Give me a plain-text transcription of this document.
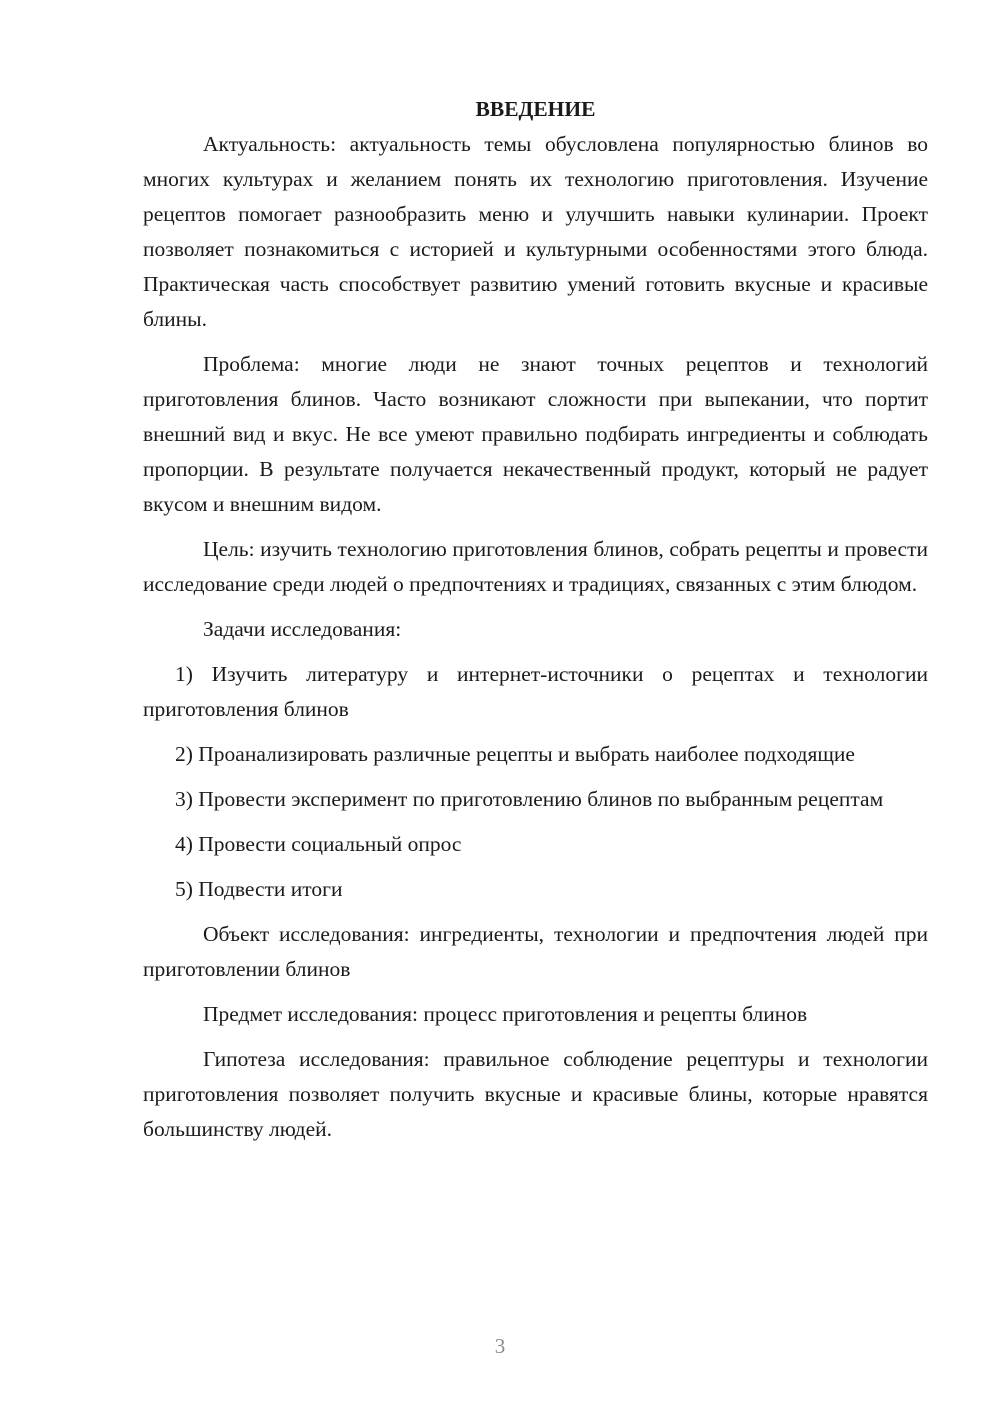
ВВЕДЕНИЕ

Актуальность: актуальность темы обусловлена популярностью блинов во многих культурах и желанием понять их технологию приготовления. Изучение рецептов помогает разнообразить меню и улучшить навыки кулинарии. Проект позволяет познакомиться с историей и культурными особенностями этого блюда. Практическая часть способствует развитию умений готовить вкусные и красивые блины.

Проблема: многие люди не знают точных рецептов и технологий приготовления блинов. Часто возникают сложности при выпекании, что портит внешний вид и вкус. Не все умеют правильно подбирать ингредиенты и соблюдать пропорции. В результате получается некачественный продукт, который не радует вкусом и внешним видом.

Цель: изучить технологию приготовления блинов, собрать рецепты и провести исследование среди людей о предпочтениях и традициях, связанных с этим блюдом.

Задачи исследования:

1) Изучить литературу и интернет-источники о рецептах и технологии приготовления блинов

2) Проанализировать различные рецепты и выбрать наиболее подходящие

3) Провести эксперимент по приготовлению блинов по выбранным рецептам

4) Провести социальный опрос

5) Подвести итоги

Объект исследования: ингредиенты, технологии и предпочтения людей при приготовлении блинов

Предмет исследования: процесс приготовления и рецепты блинов

Гипотеза исследования: правильное соблюдение рецептуры и технологии приготовления позволяет получить вкусные и красивые блины, которые нравятся большинству людей.

3
